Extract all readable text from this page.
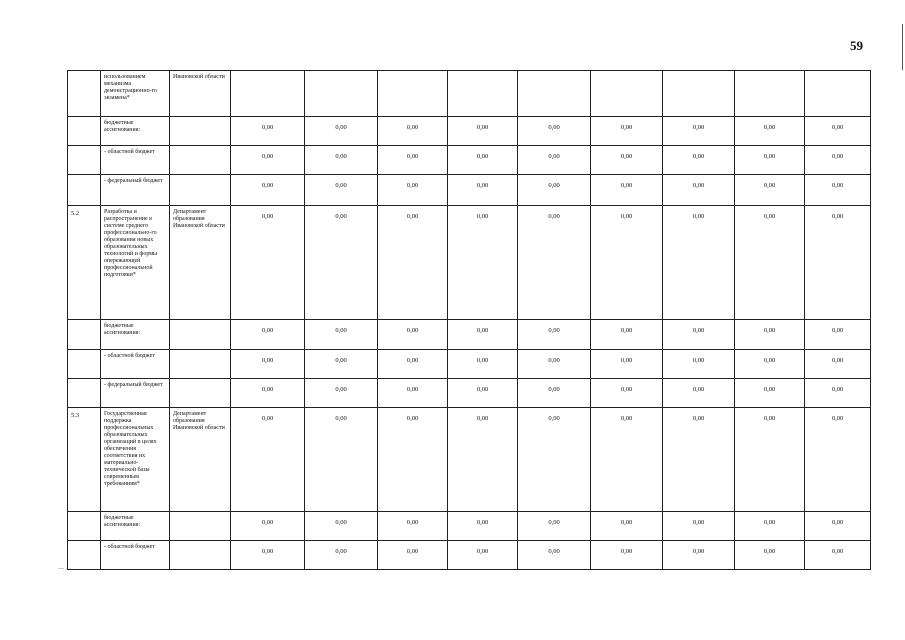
59
	использованием механизма демонстрационно-го экзамена*	Ивановской области									
	бюджетные ассигнования:		0,00	0,00	0,00	0,00	0,00	0,00	0,00	0,00	0,00
	- областной бюджет		0,00	0,00	0,00	0,00	0,00	0,00	0,00	0,00	0,00
	- федеральный бюджет		0,00	0,00	0,00	0,00	0,00	0,00	0,00	0,00	0,00
5.2	Разработка и распространение в системе среднего профессионально-го образования новых образовательных технологий и формы опережающей профессиональной подготовки*	Департамент образования Ивановской области	0,00	0,00	0,00	0,00	0,00	0,00	0,00	0,00	0,00
	бюджетные ассигнования:		0,00	0,00	0,00	0,00	0,00	0,00	0,00	0,00	0,00
	- областной бюджет		0,00	0,00	0,00	0,00	0,00	0,00	0,00	0,00	0,00
	- федеральный бюджет		0,00	0,00	0,00	0,00	0,00	0,00	0,00	0,00	0,00
5.3	Государственная поддержка профессиональных образовательных организаций в целях обеспечения соответствия их материально-технической базы современным требованиям*	Департамент образования Ивановской области	0,00	0,00	0,00	0,00	0,00	0,00	0,00	0,00	0,00
	бюджетные ассигнования:		0,00	0,00	0,00	0,00	0,00	0,00	0,00	0,00	0,00
	- областной бюджет		0,00	0,00	0,00	0,00	0,00	0,00	0,00	0,00	0,00
— · ·
